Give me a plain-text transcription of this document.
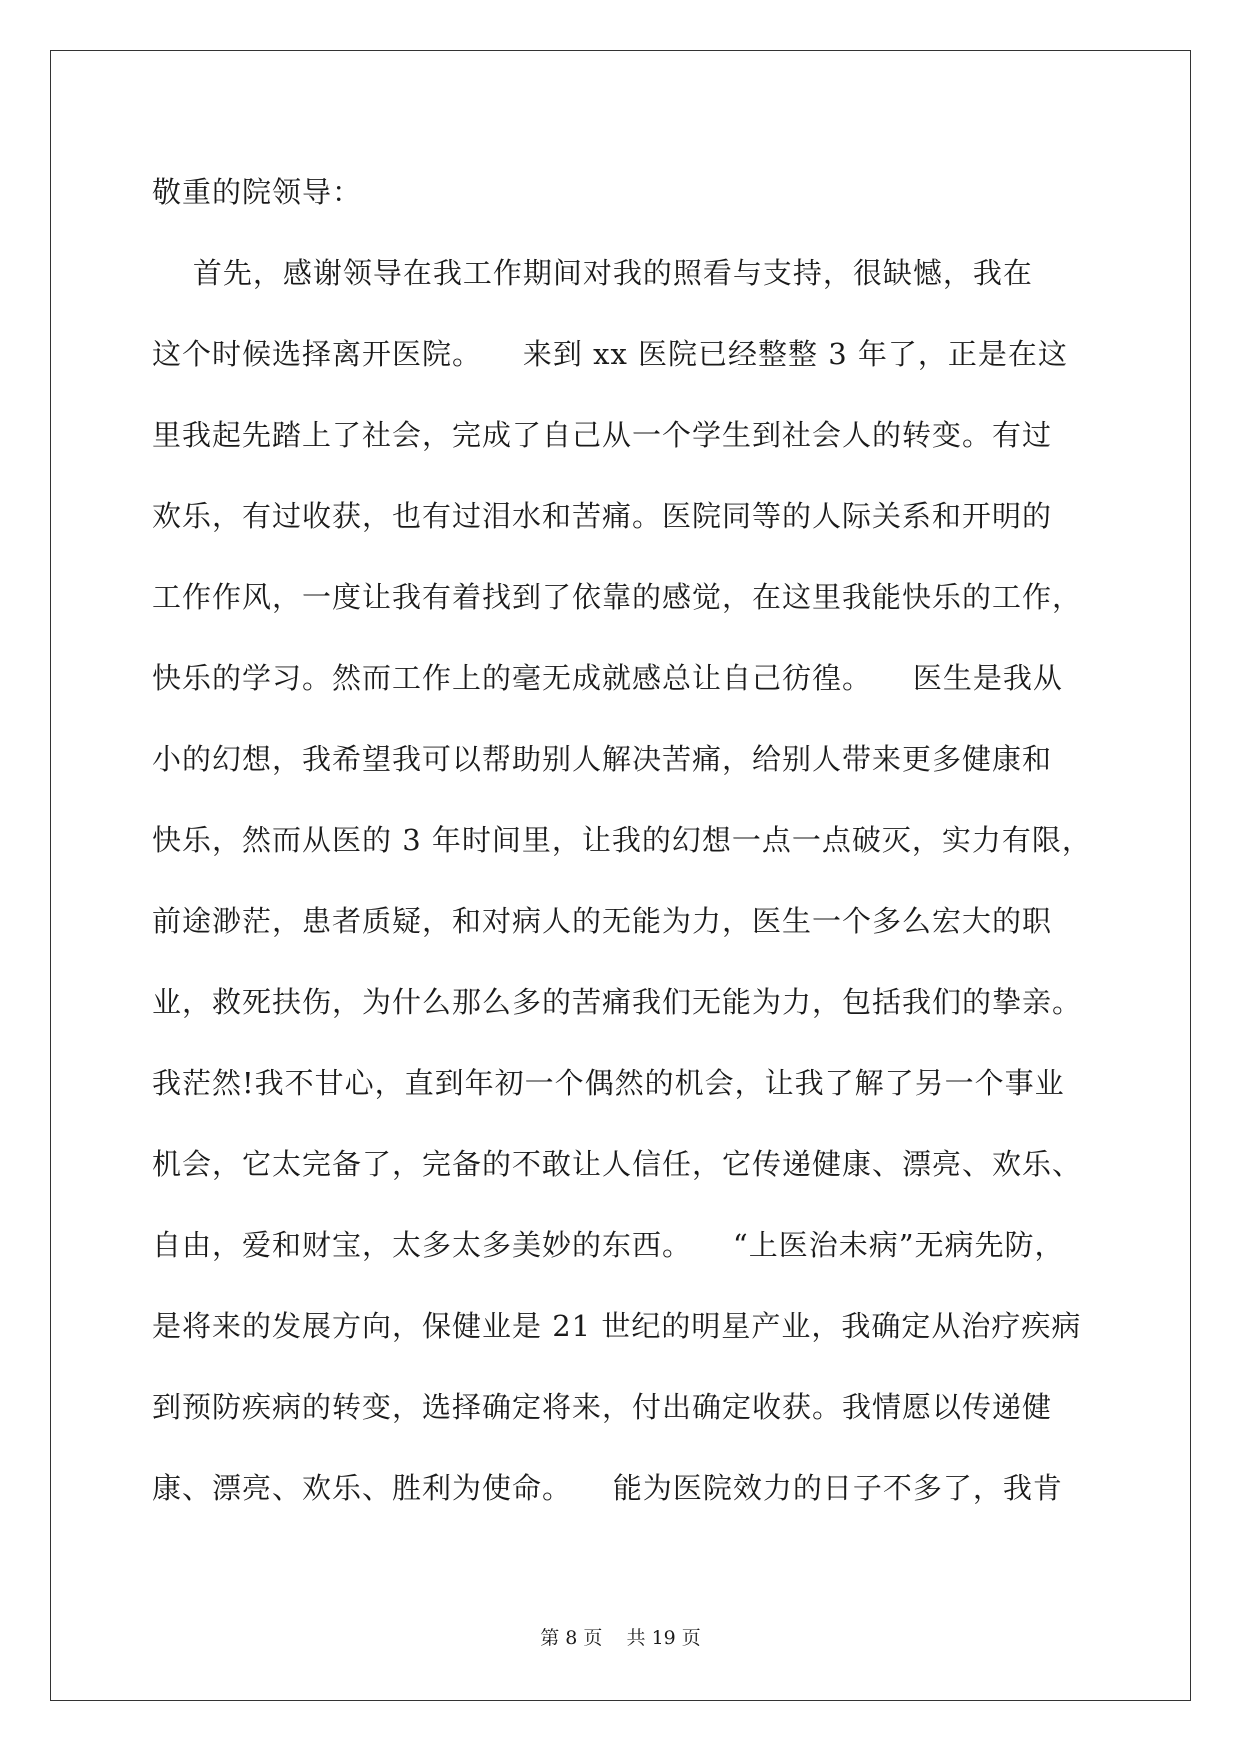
敬重的院领导：
首先，感谢领导在我工作期间对我的照看与支持，很缺憾，我在
这个时候选择离开医院。    来到 xx 医院已经整整 3 年了，正是在这
里我起先踏上了社会，完成了自己从一个学生到社会人的转变。有过
欢乐，有过收获，也有过泪水和苦痛。医院同等的人际关系和开明的
工作作风，一度让我有着找到了依靠的感觉，在这里我能快乐的工作，
快乐的学习。然而工作上的毫无成就感总让自己彷徨。    医生是我从
小的幻想，我希望我可以帮助别人解决苦痛，给别人带来更多健康和
快乐，然而从医的 3 年时间里，让我的幻想一点一点破灭，实力有限，
前途渺茫，患者质疑，和对病人的无能为力，医生一个多么宏大的职
业，救死扶伤，为什么那么多的苦痛我们无能为力，包括我们的挚亲。
我茫然!我不甘心，直到年初一个偶然的机会，让我了解了另一个事业
机会，它太完备了，完备的不敢让人信任，它传递健康、漂亮、欢乐、
自由，爱和财宝，太多太多美妙的东西。    “上医治未病”无病先防，
是将来的发展方向，保健业是 21 世纪的明星产业，我确定从治疗疾病
到预防疾病的转变，选择确定将来，付出确定收获。我情愿以传递健
康、漂亮、欢乐、胜利为使命。    能为医院效力的日子不多了，我肯
第 8 页    共 19 页
